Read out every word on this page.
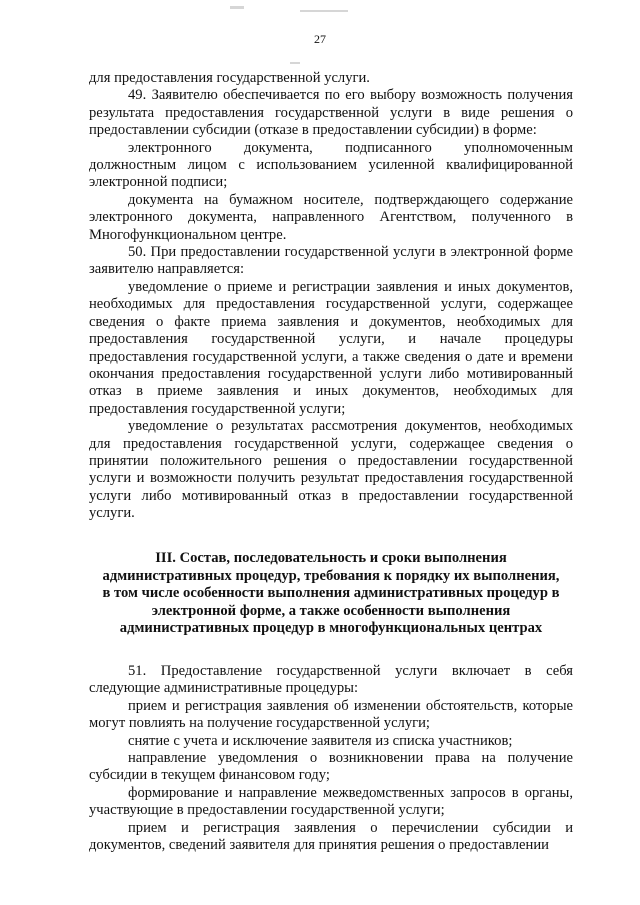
27

для предоставления государственной услуги.

49. Заявителю обеспечивается по его выбору возможность получения результата предоставления государственной услуги в виде решения о предоставлении субсидии (отказе в предоставлении субсидии) в форме:

электронного документа, подписанного уполномоченным должностным лицом с использованием усиленной квалифицированной электронной подписи;

документа на бумажном носителе, подтверждающего содержание электронного документа, направленного Агентством, полученного в Многофункциональном центре.

50. При предоставлении государственной услуги в электронной форме заявителю направляется:

уведомление о приеме и регистрации заявления и иных документов, необходимых для предоставления государственной услуги, содержащее сведения о факте приема заявления и документов, необходимых для предоставления государственной услуги, и начале процедуры предоставления государственной услуги, а также сведения о дате и времени окончания предоставления государственной услуги либо мотивированный отказ в приеме заявления и иных документов, необходимых для предоставления государственной услуги;

уведомление о результатах рассмотрения документов, необходимых для предоставления государственной услуги, содержащее сведения о принятии положительного решения о предоставлении государственной услуги и возможности получить результат предоставления государственной услуги либо мотивированный отказ в предоставлении государственной услуги.

III. Состав, последовательность и сроки выполнения
административных процедур, требования к порядку их выполнения,
в том числе особенности выполнения административных процедур в
электронной форме, а также особенности выполнения
административных процедур в многофункциональных центрах

51. Предоставление государственной услуги включает в себя следующие административные процедуры:

прием и регистрация заявления об изменении обстоятельств, которые могут повлиять на получение государственной услуги;

снятие с учета и исключение заявителя из списка участников;

направление уведомления о возникновении права на получение субсидии в текущем финансовом году;

формирование и направление межведомственных запросов в органы, участвующие в предоставлении государственной услуги;

прием и регистрация заявления о перечислении субсидии и документов, сведений заявителя для принятия решения о предоставлении
